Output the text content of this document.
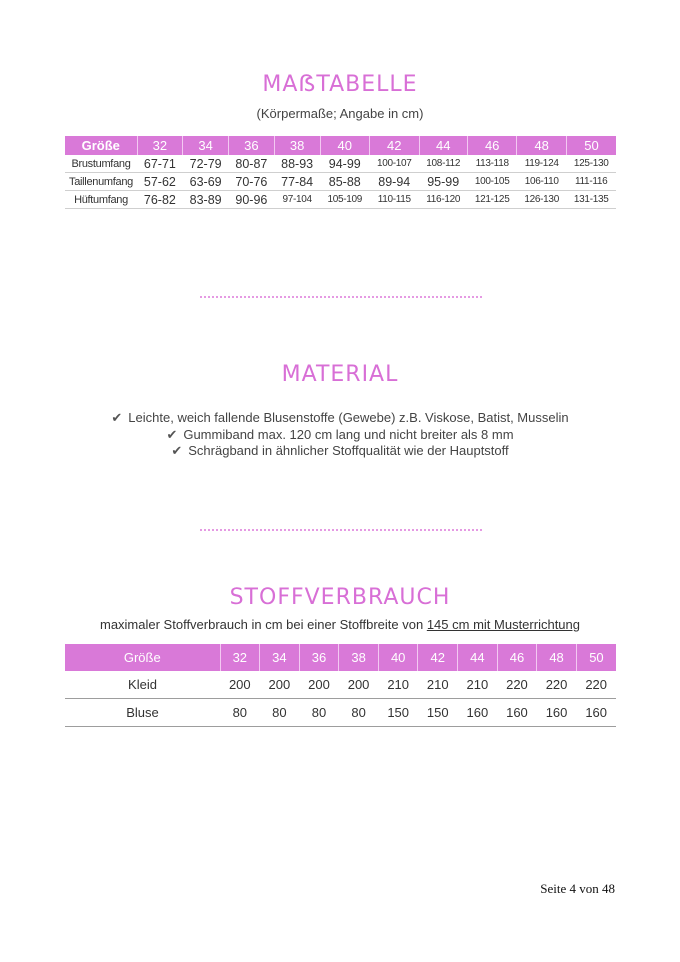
MAẞTABELLE
(Körpermaße; Angabe in cm)
Größe	32	34	36	38	40	42	44	46	48	50
Brustumfang	67-71	72-79	80-87	88-93	94-99	100-107	108-112	113-118	119-124	125-130
Taillenumfang	57-62	63-69	70-76	77-84	85-88	89-94	95-99	100-105	106-110	111-116
Hüftumfang	76-82	83-89	90-96	97-104	105-109	110-115	116-120	121-125	126-130	131-135
MATERIAL
✔ Leichte, weich fallende Blusenstoffe (Gewebe) z.B. Viskose, Batist, Musselin
✔ Gummiband max. 120 cm lang und nicht breiter als 8 mm
✔ Schrägband in ähnlicher Stoffqualität wie der Hauptstoff
STOFFVERBRAUCH
maximaler Stoffverbrauch in cm bei einer Stoffbreite von 145 cm mit Musterrichtung
Größe	32	34	36	38	40	42	44	46	48	50
Kleid	200	200	200	200	210	210	210	220	220	220
Bluse	80	80	80	80	150	150	160	160	160	160
Seite 4 von 48
